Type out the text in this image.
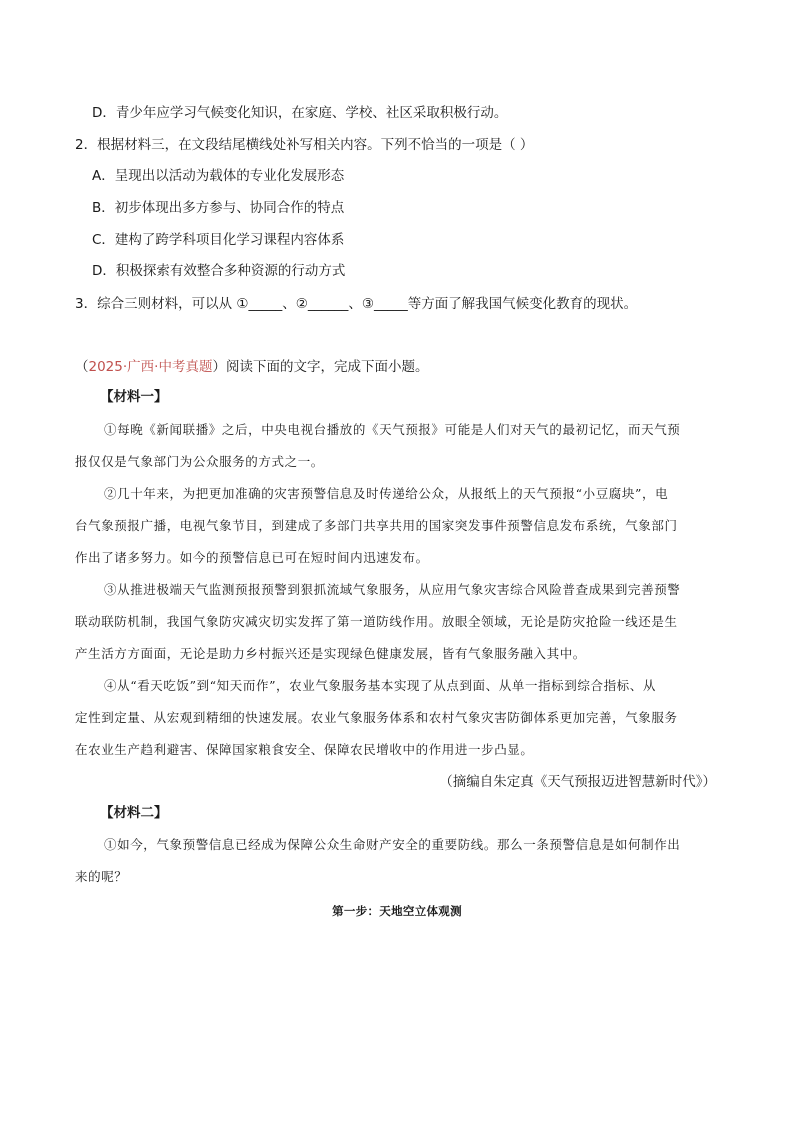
D．青少年应学习气候变化知识，在家庭、学校、社区采取积极行动。
2．根据材料三，在文段结尾横线处补写相关内容。下列不恰当的一项是（ ）
A．呈现出以活动为载体的专业化发展形态
B．初步体现出多方参与、协同合作的特点
C．建构了跨学科项目化学习课程内容体系
D．积极探索有效整合多种资源的行动方式
3．综合三则材料，可以从 ①_____、②______、③_____等方面了解我国气候变化教育的现状。
（2025·广西·中考真题）阅读下面的文字，完成下面小题。
【材料一】
①每晚《新闻联播》之后，中央电视台播放的《天气预报》可能是人们对天气的最初记忆，而天气预
报仅仅是气象部门为公众服务的方式之一。
②几十年来，为把更加准确的灾害预警信息及时传递给公众，从报纸上的天气预报“小豆腐块”，电
台气象预报广播，电视气象节目，到建成了多部门共享共用的国家突发事件预警信息发布系统，气象部门
作出了诸多努力。如今的预警信息已可在短时间内迅速发布。
③从推进极端天气监测预报预警到狠抓流域气象服务，从应用气象灾害综合风险普查成果到完善预警
联动联防机制，我国气象防灾减灾切实发挥了第一道防线作用。放眼全领域，无论是防灾抢险一线还是生
产生活方方面面，无论是助力乡村振兴还是实现绿色健康发展，皆有气象服务融入其中。
④从“看天吃饭”到“知天而作”，农业气象服务基本实现了从点到面、从单一指标到综合指标、从
定性到定量、从宏观到精细的快速发展。农业气象服务体系和农村气象灾害防御体系更加完善，气象服务
在农业生产趋利避害、保障国家粮食安全、保障农民增收中的作用进一步凸显。
（摘编自朱定真《天气预报迈进智慧新时代》）
【材料二】
①如今，气象预警信息已经成为保障公众生命财产安全的重要防线。那么一条预警信息是如何制作出
来的呢？
第一步：天地空立体观测
